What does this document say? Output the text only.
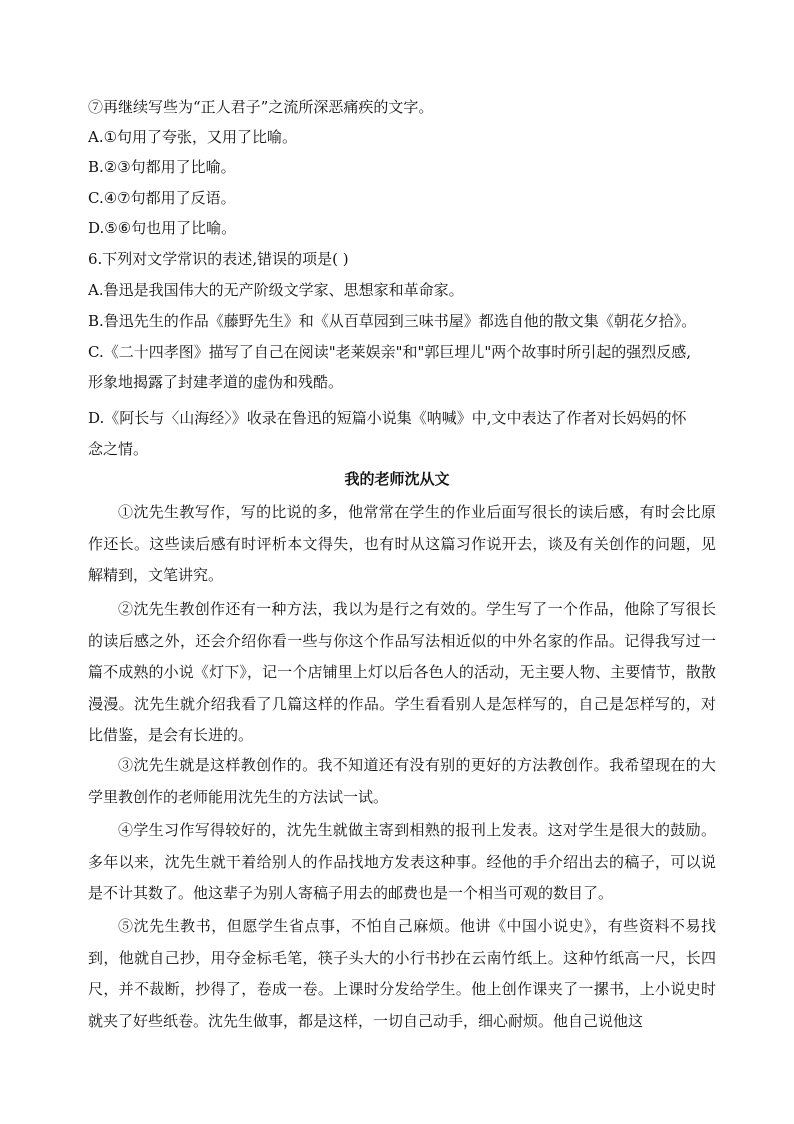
⑦再继续写些为“正人君子”之流所深恶痛疾的文字。
A.①句用了夸张，又用了比喻。
B.②③句都用了比喻。
C.④⑦句都用了反语。
D.⑤⑥句也用了比喻。
6.下列对文学常识的表述,错误的项是( )
A.鲁迅是我国伟大的无产阶级文学家、思想家和革命家。
B.鲁迅先生的作品《藤野先生》和《从百草园到三味书屋》都选自他的散文集《朝花夕拾》。
C.《二十四孝图》描写了自己在阅读"老莱娱亲"和"郭巨埋儿"两个故事时所引起的强烈反感,
形象地揭露了封建孝道的虚伪和残酷。
D.《阿长与〈山海经〉》收录在鲁迅的短篇小说集《呐喊》中,文中表达了作者对长妈妈的怀
念之情。
我的老师沈从文
①沈先生教写作，写的比说的多，他常常在学生的作业后面写很长的读后感，有时会比原作还长。这些读后感有时评析本文得失，也有时从这篇习作说开去，谈及有关创作的问题，见解精到，文笔讲究。
②沈先生教创作还有一种方法，我以为是行之有效的。学生写了一个作品，他除了写很长的读后感之外，还会介绍你看一些与你这个作品写法相近似的中外名家的作品。记得我写过一篇不成熟的小说《灯下》，记一个店铺里上灯以后各色人的活动，无主要人物、主要情节，散散漫漫。沈先生就介绍我看了几篇这样的作品。学生看看别人是怎样写的，自己是怎样写的，对比借鉴，是会有长进的。
③沈先生就是这样教创作的。我不知道还有没有别的更好的方法教创作。我希望现在的大学里教创作的老师能用沈先生的方法试一试。
④学生习作写得较好的，沈先生就做主寄到相熟的报刊上发表。这对学生是很大的鼓励。多年以来，沈先生就干着给别人的作品找地方发表这种事。经他的手介绍出去的稿子，可以说是不计其数了。他这辈子为别人寄稿子用去的邮费也是一个相当可观的数目了。
⑤沈先生教书，但愿学生省点事，不怕自己麻烦。他讲《中国小说史》，有些资料不易找到，他就自己抄，用夺金标毛笔，筷子头大的小行书抄在云南竹纸上。这种竹纸高一尺，长四尺，并不裁断，抄得了，卷成一卷。上课时分发给学生。他上创作课夹了一摞书，上小说史时就夹了好些纸卷。沈先生做事，都是这样，一切自己动手，细心耐烦。他自己说他这
